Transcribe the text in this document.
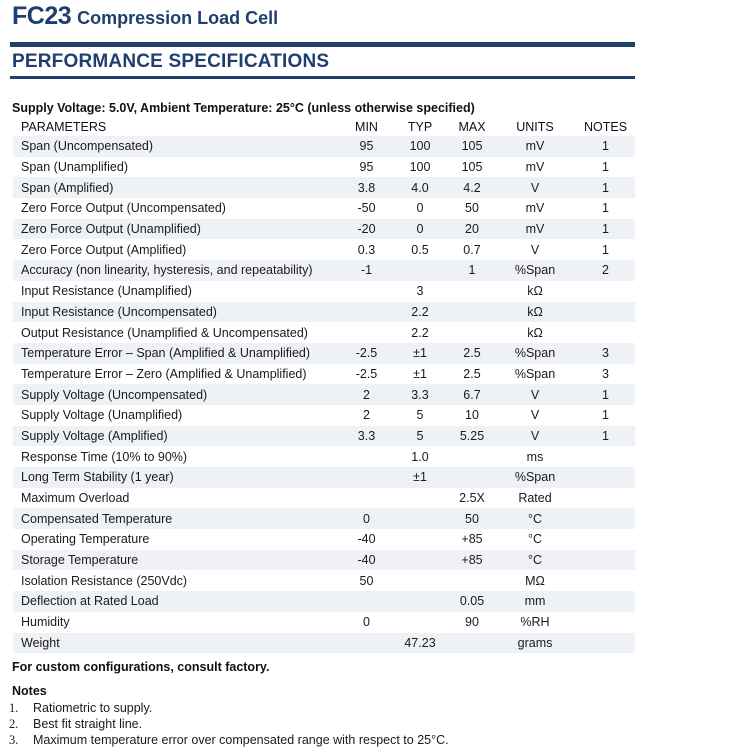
FC23 Compression Load Cell
PERFORMANCE SPECIFICATIONS
Supply Voltage: 5.0V, Ambient Temperature: 25°C (unless otherwise specified)
PARAMETERS	MIN	TYP	MAX	UNITS	NOTES
Span (Uncompensated)	95	100	105	mV	1
Span (Unamplified)	95	100	105	mV	1
Span (Amplified)	3.8	4.0	4.2	V	1
Zero Force Output (Uncompensated)	-50	0	50	mV	1
Zero Force Output (Unamplified)	-20	0	20	mV	1
Zero Force Output (Amplified)	0.3	0.5	0.7	V	1
Accuracy (non linearity, hysteresis, and repeatability)	-1		1	%Span	2
Input Resistance (Unamplified)		3		kΩ	
Input Resistance (Uncompensated)		2.2		kΩ	
Output Resistance (Unamplified & Uncompensated)		2.2		kΩ	
Temperature Error – Span (Amplified & Unamplified)	-2.5	±1	2.5	%Span	3
Temperature Error – Zero (Amplified & Unamplified)	-2.5	±1	2.5	%Span	3
Supply Voltage (Uncompensated)	2	3.3	6.7	V	1
Supply Voltage (Unamplified)	2	5	10	V	1
Supply Voltage (Amplified)	3.3	5	5.25	V	1
Response Time (10% to 90%)		1.0		ms	
Long Term Stability (1 year)		±1		%Span	
Maximum Overload			2.5X	Rated	
Compensated Temperature	0		50	°C	
Operating Temperature	-40		+85	°C	
Storage Temperature	-40		+85	°C	
Isolation Resistance (250Vdc)	50			MΩ	
Deflection at Rated Load			0.05	mm	
Humidity	0		90	%RH	
Weight		47.23		grams	
For custom configurations, consult factory.
Notes
1. Ratiometric to supply.
2. Best fit straight line.
3. Maximum temperature error over compensated range with respect to 25°C.
